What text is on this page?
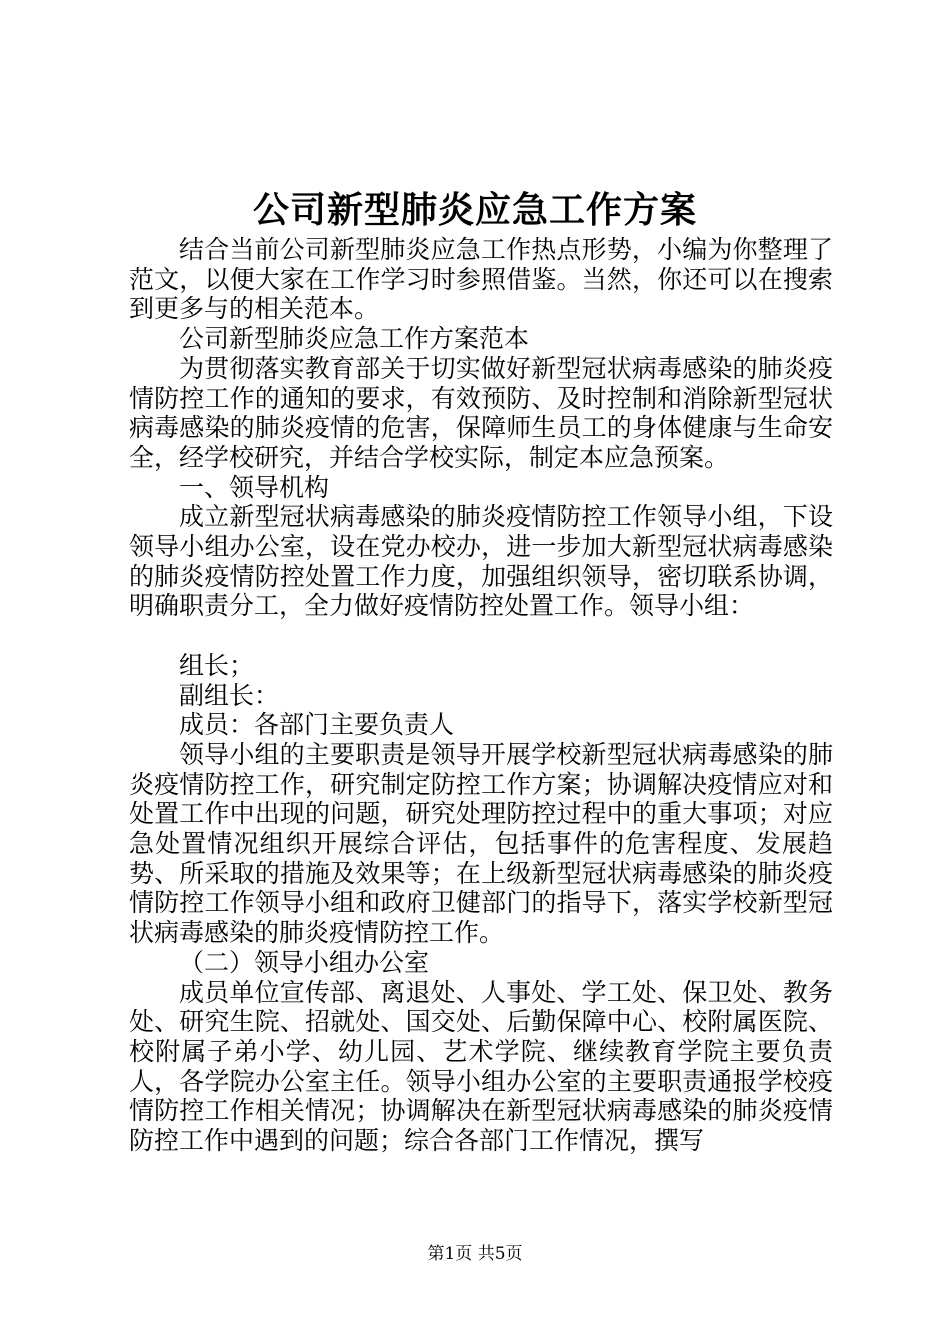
公司新型肺炎应急工作方案

结合当前公司新型肺炎应急工作热点形势，小编为你整理了范文，以便大家在工作学习时参照借鉴。当然，你还可以在搜索到更多与的相关范本。

公司新型肺炎应急工作方案范本

为贯彻落实教育部关于切实做好新型冠状病毒感染的肺炎疫情防控工作的通知的要求，有效预防、及时控制和消除新型冠状病毒感染的肺炎疫情的危害，保障师生员工的身体健康与生命安全，经学校研究，并结合学校实际，制定本应急预案。

一、领导机构

成立新型冠状病毒感染的肺炎疫情防控工作领导小组，下设领导小组办公室，设在党办校办，进一步加大新型冠状病毒感染的肺炎疫情防控处置工作力度，加强组织领导，密切联系协调，明确职责分工，全力做好疫情防控处置工作。领导小组：

组长；

副组长：

成员：各部门主要负责人

领导小组的主要职责是领导开展学校新型冠状病毒感染的肺炎疫情防控工作，研究制定防控工作方案；协调解决疫情应对和处置工作中出现的问题，研究处理防控过程中的重大事项；对应急处置情况组织开展综合评估，包括事件的危害程度、发展趋势、所采取的措施及效果等；在上级新型冠状病毒感染的肺炎疫情防控工作领导小组和政府卫健部门的指导下，落实学校新型冠状病毒感染的肺炎疫情防控工作。

（二）领导小组办公室

成员单位宣传部、离退处、人事处、学工处、保卫处、教务处、研究生院、招就处、国交处、后勤保障中心、校附属医院、校附属子弟小学、幼儿园、艺术学院、继续教育学院主要负责人，各学院办公室主任。领导小组办公室的主要职责通报学校疫情防控工作相关情况；协调解决在新型冠状病毒感染的肺炎疫情防控工作中遇到的问题；综合各部门工作情况，撰写

第1页 共5页
